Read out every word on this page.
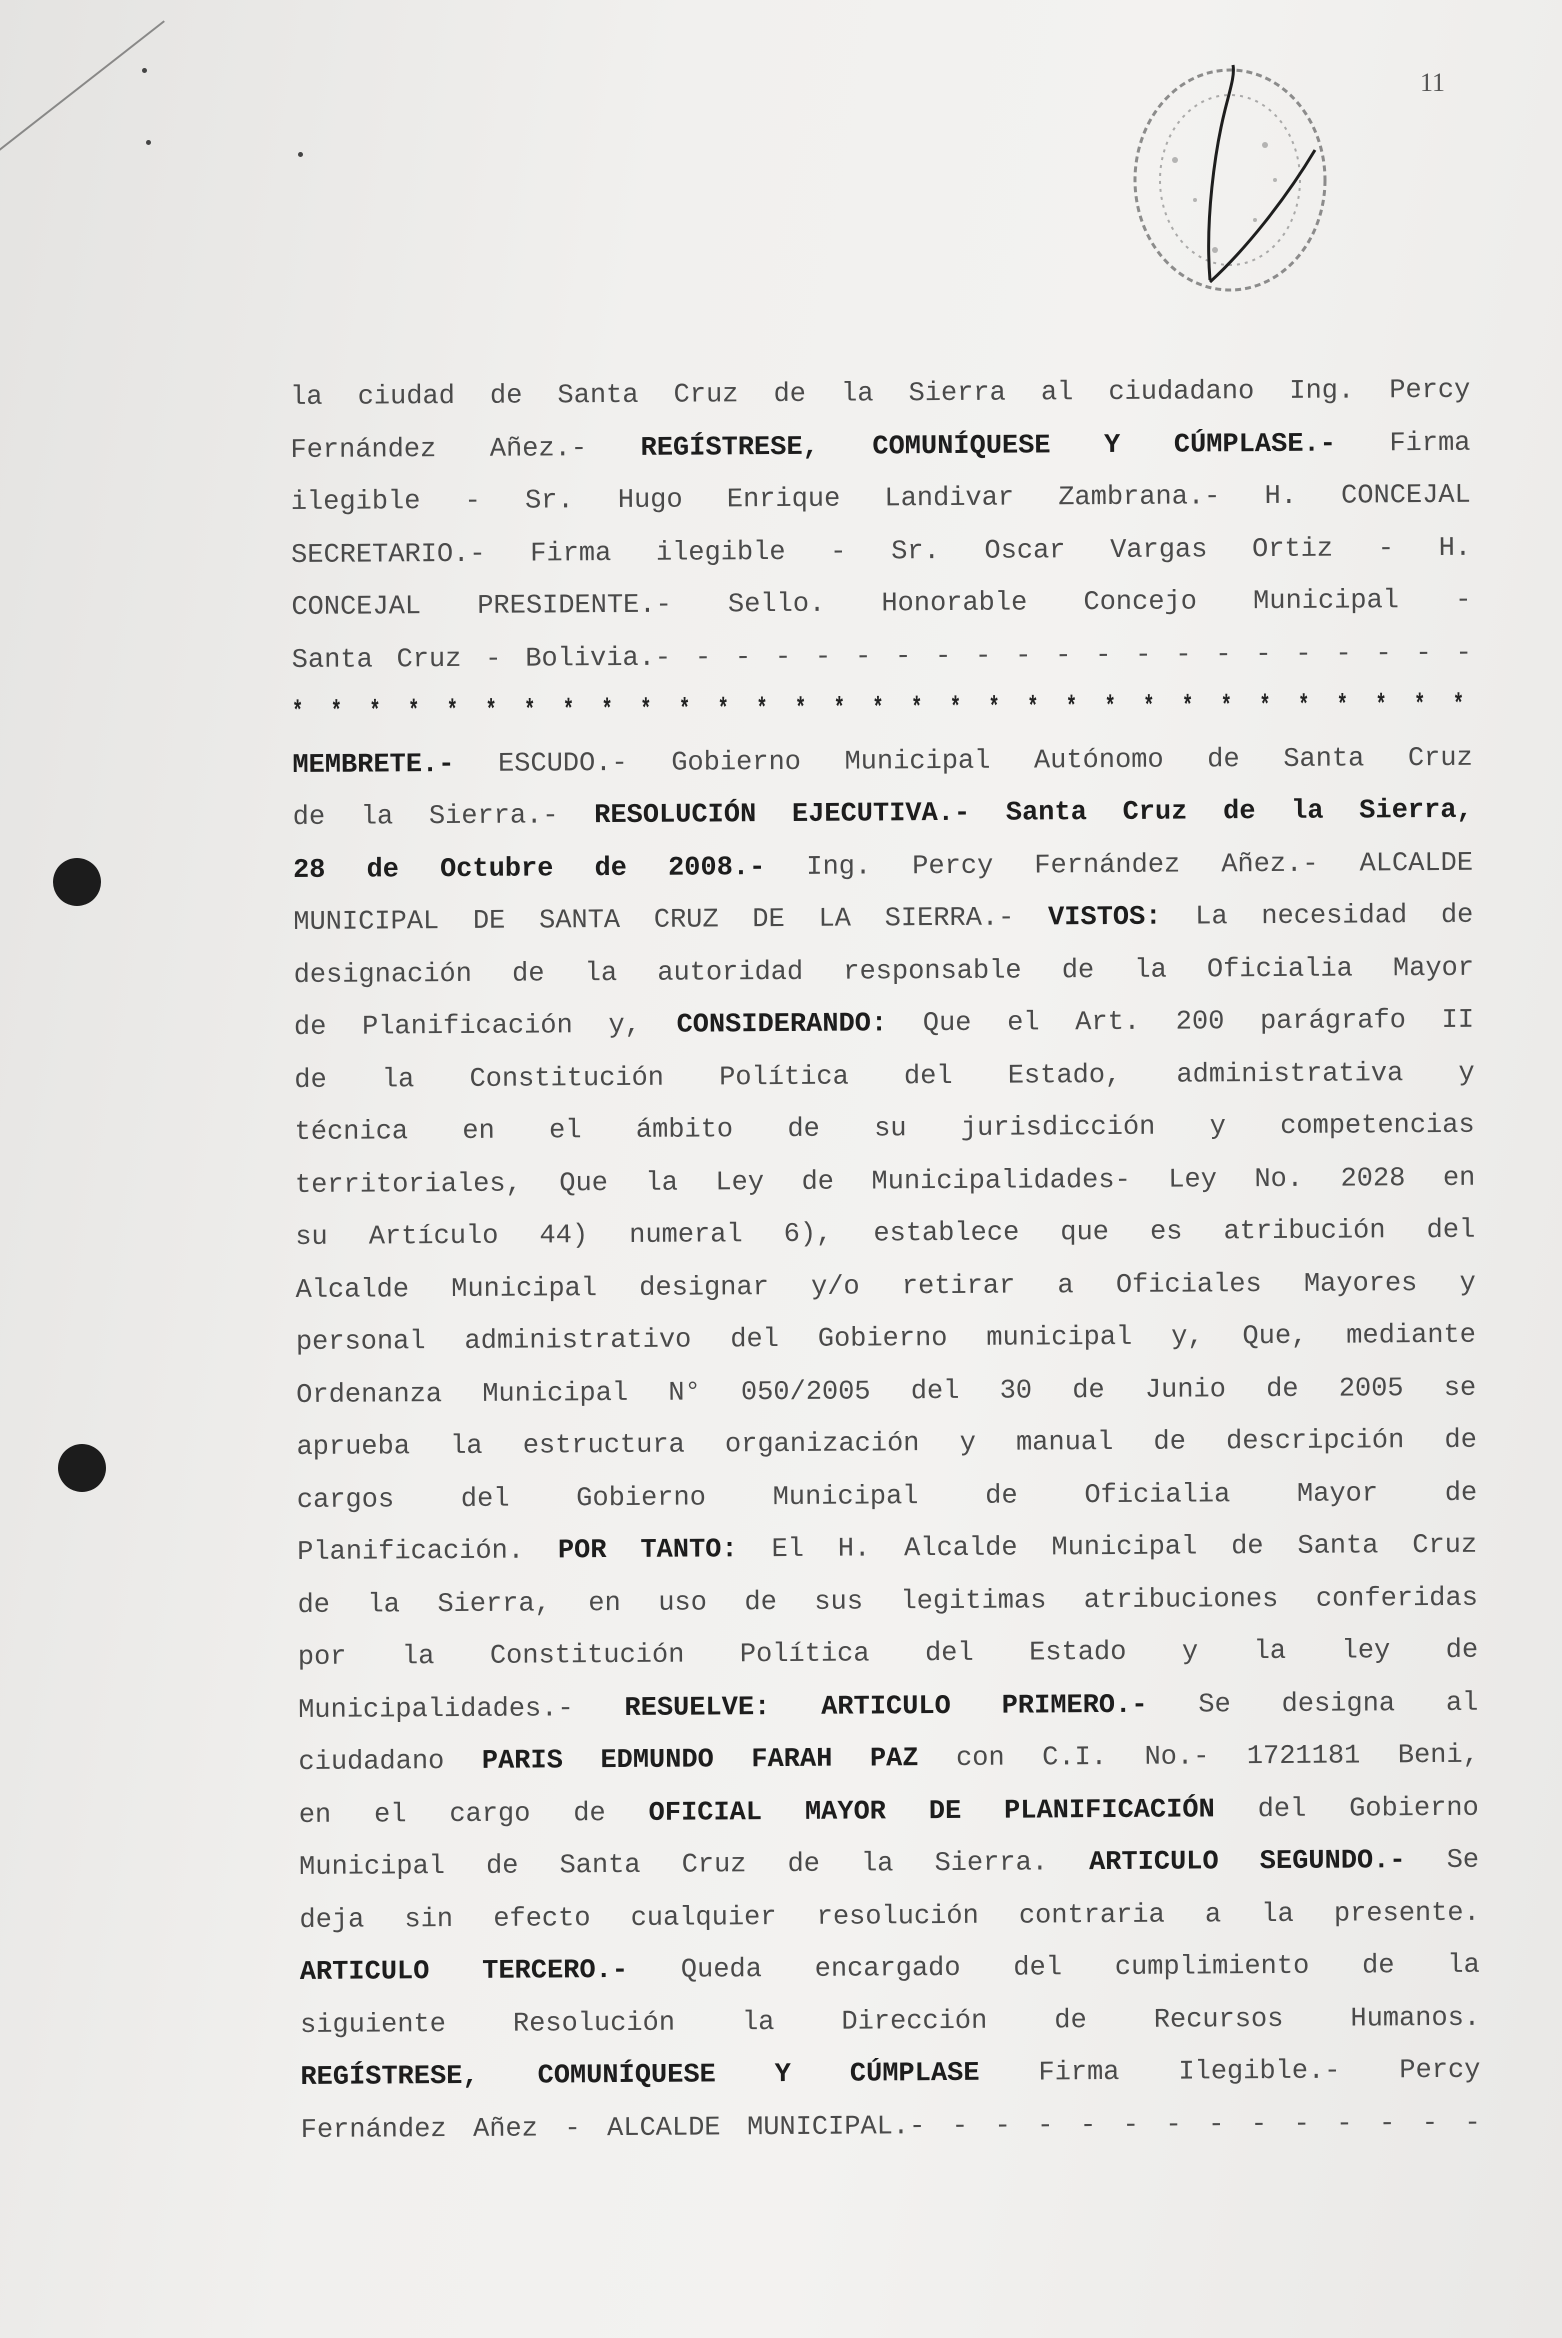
11
la ciudad de Santa Cruz de la Sierra al ciudadano Ing. Percy
Fernández Añez.- REGÍSTRESE, COMUNÍQUESE Y CÚMPLASE.- Firma
ilegible - Sr. Hugo Enrique Landivar Zambrana.- H. CONCEJAL
SECRETARIO.- Firma ilegible - Sr. Oscar Vargas Ortiz - H.
CONCEJAL PRESIDENTE.- Sello. Honorable Concejo Municipal -
Santa Cruz - Bolivia.- - - - - - - - - - - - - - - - - - - - -
* * * * * * * * * * * * * * * * * * * * * * * * * * * * * * *
MEMBRETE.- ESCUDO.- Gobierno Municipal Autónomo de Santa Cruz
de la Sierra.- RESOLUCIÓN EJECUTIVA.- Santa Cruz de la Sierra,
28 de Octubre de 2008.- Ing. Percy Fernández Añez.- ALCALDE
MUNICIPAL DE SANTA CRUZ DE LA SIERRA.- VISTOS: La necesidad de
designación de la autoridad responsable de la Oficialia Mayor
de Planificación y, CONSIDERANDO: Que el Art. 200 parágrafo II
de la Constitución Política del Estado, administrativa y
técnica en el ámbito de su jurisdicción y competencias
territoriales, Que la Ley de Municipalidades- Ley No. 2028 en
su Artículo 44) numeral 6), establece que es atribución del
Alcalde Municipal designar y/o retirar a Oficiales Mayores y
personal administrativo del Gobierno municipal y, Que, mediante
Ordenanza Municipal N° 050/2005 del 30 de Junio de 2005 se
aprueba la estructura organización y manual de descripción de
cargos del Gobierno Municipal de Oficialia Mayor de
Planificación. POR TANTO: El H. Alcalde Municipal de Santa Cruz
de la Sierra, en uso de sus legitimas atribuciones conferidas
por la Constitución Política del Estado y la ley de
Municipalidades.- RESUELVE: ARTICULO PRIMERO.- Se designa al
ciudadano PARIS EDMUNDO FARAH PAZ con C.I. No.- 1721181 Beni,
en el cargo de OFICIAL MAYOR DE PLANIFICACIÓN del Gobierno
Municipal de Santa Cruz de la Sierra. ARTICULO SEGUNDO.- Se
deja sin efecto cualquier resolución contraria a la presente.
ARTICULO TERCERO.- Queda encargado del cumplimiento de la
siguiente Resolución la Dirección de Recursos Humanos.
REGÍSTRESE, COMUNÍQUESE Y CÚMPLASE Firma Ilegible.- Percy
Fernández Añez - ALCALDE MUNICIPAL.- - - - - - - - - - - - - -
